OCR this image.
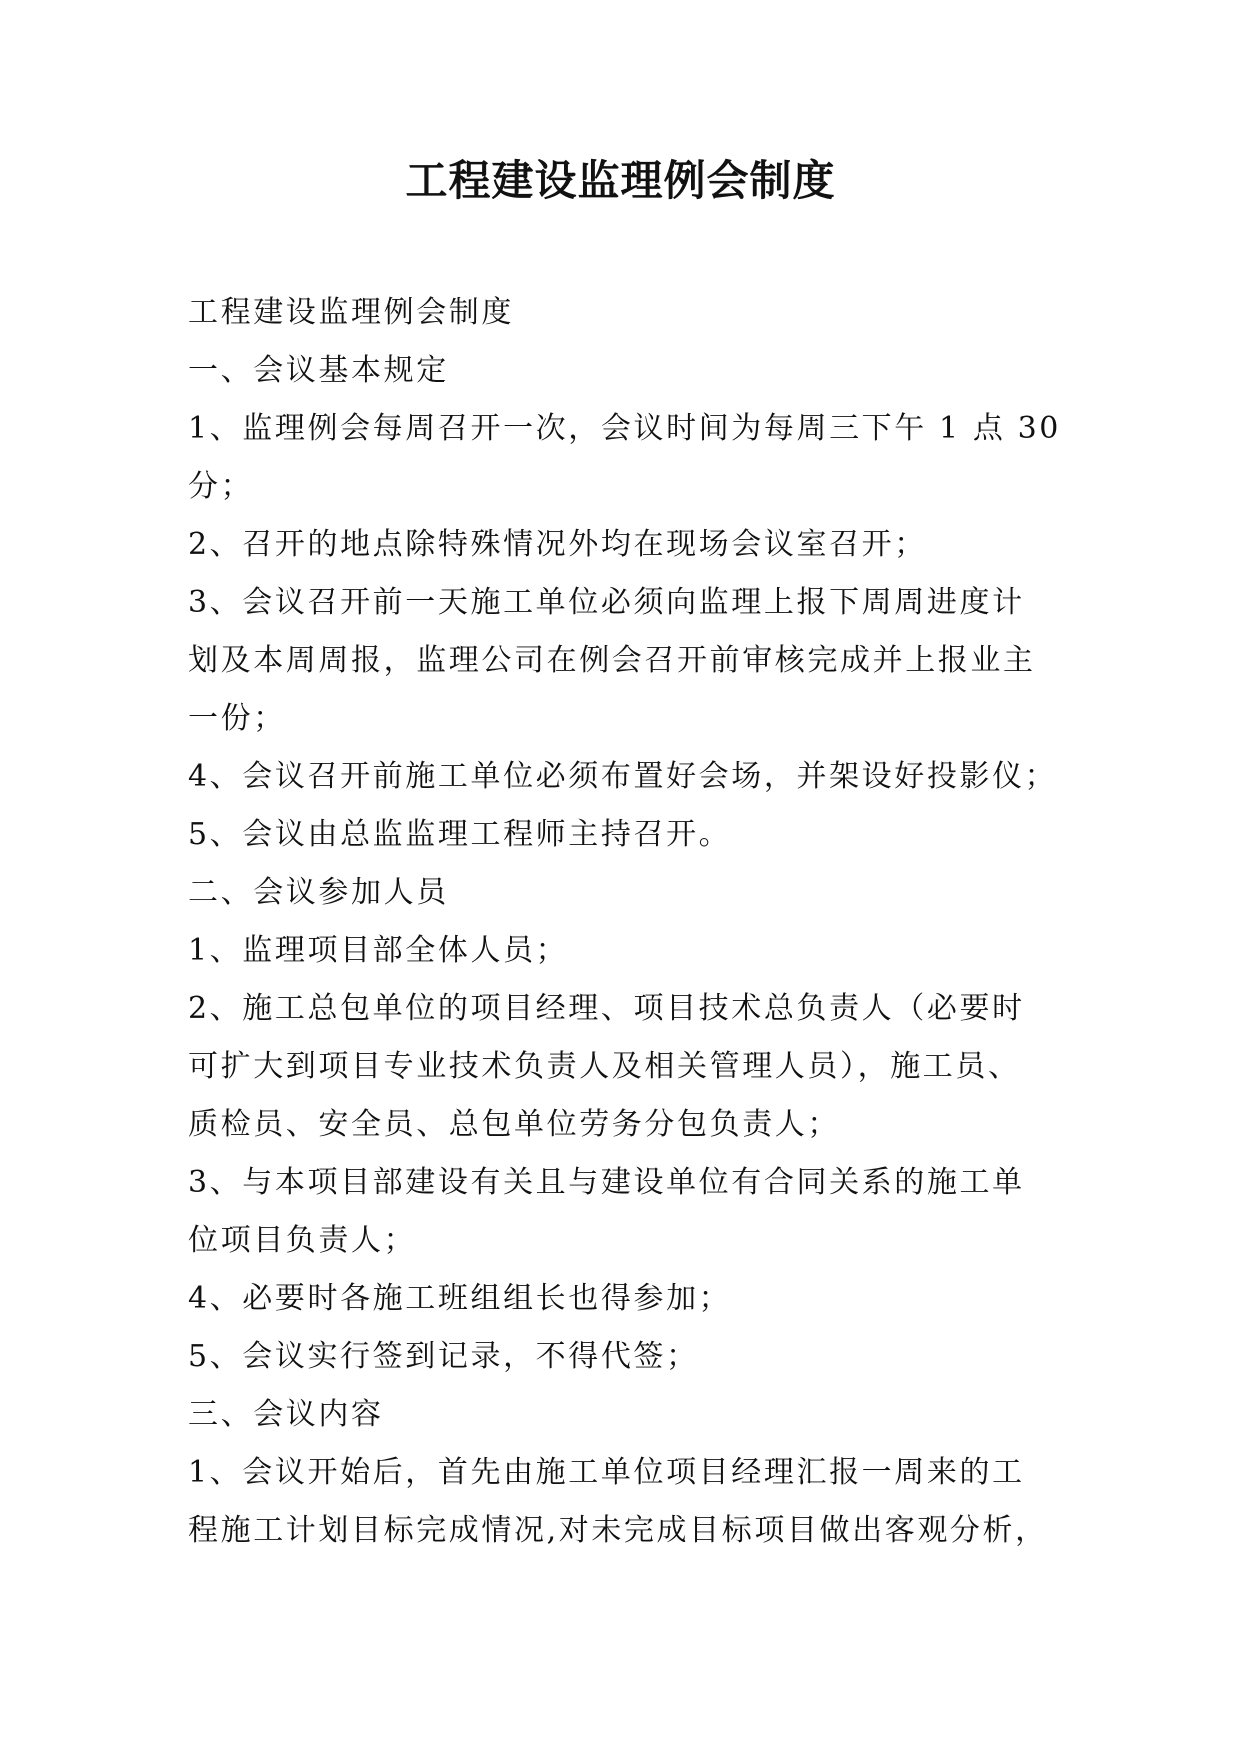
工程建设监理例会制度

工程建设监理例会制度

一、会议基本规定

1、监理例会每周召开一次，会议时间为每周三下午 1 点 30

分；

2、召开的地点除特殊情况外均在现场会议室召开；

3、会议召开前一天施工单位必须向监理上报下周周进度计

划及本周周报，监理公司在例会召开前审核完成并上报业主

一份；

4、会议召开前施工单位必须布置好会场，并架设好投影仪；

5、会议由总监监理工程师主持召开。

二、会议参加人员

1、监理项目部全体人员；

2、施工总包单位的项目经理、项目技术总负责人（必要时

可扩大到项目专业技术负责人及相关管理人员），施工员、

质检员、安全员、总包单位劳务分包负责人；

3、与本项目部建设有关且与建设单位有合同关系的施工单

位项目负责人；

4、必要时各施工班组组长也得参加；

5、会议实行签到记录，不得代签；

三、会议内容

1、会议开始后，首先由施工单位项目经理汇报一周来的工

程施工计划目标完成情况,对未完成目标项目做出客观分析，
